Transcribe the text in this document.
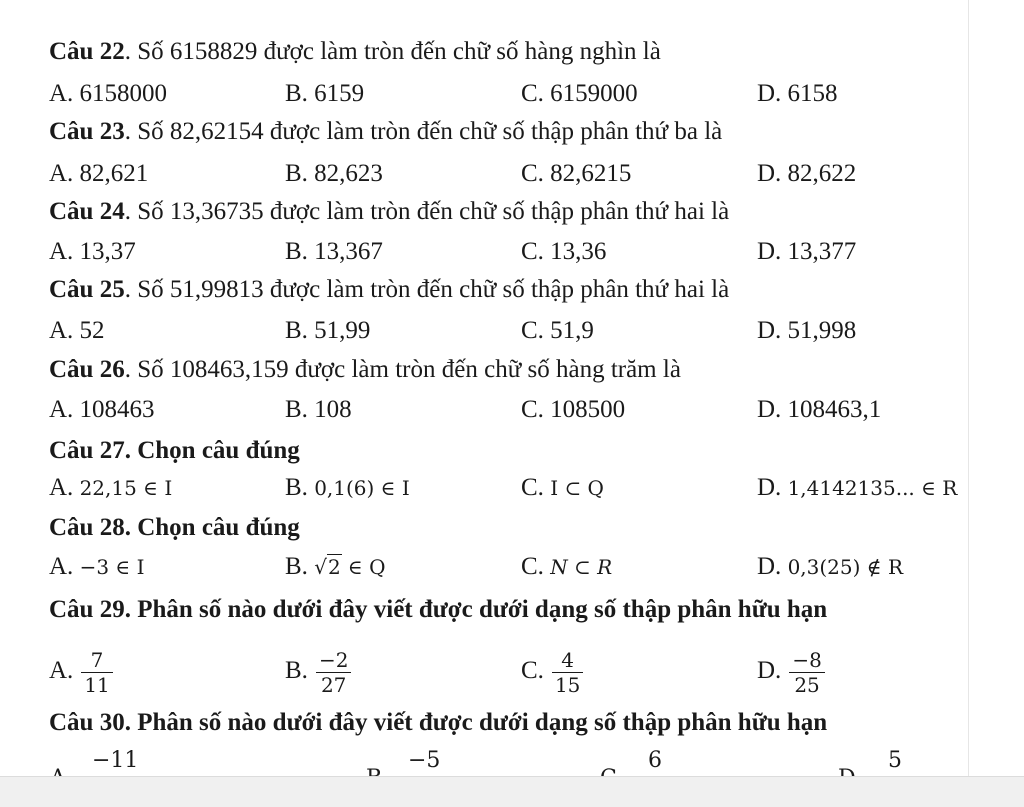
Câu 22. Số 6158829 được làm tròn đến chữ số hàng nghìn là
A. 6158000	B. 6159	C. 6159000	D. 6158
Câu 23. Số 82,62154 được làm tròn đến chữ số thập phân thứ ba là
A. 82,621	B. 82,623	C. 82,6215	D. 82,622
Câu 24. Số 13,36735 được làm tròn đến chữ số thập phân thứ hai là
A. 13,37	B. 13,367	C. 13,36	D. 13,377
Câu 25. Số 51,99813 được làm tròn đến chữ số thập phân thứ hai là
A. 52	B. 51,99	C. 51,9	D. 51,998
Câu 26. Số 108463,159 được làm tròn đến chữ số hàng trăm là
A. 108463	B. 108	C. 108500	D. 108463,1
Câu 27. Chọn câu đúng
A. 22,15 ∈ I	B. 0,1(6) ∈ I	C. I ⊂ Q	D. 1,4142135... ∈ R
Câu 28. Chọn câu đúng
A. −3 ∈ I	B. √2 ∈ Q	C. N ⊂ R	D. 0,3(25) ∉ R
Câu 29. Phân số nào dưới đây viết được dưới dạng số thập phân hữu hạn
A. $\frac{7}{11}$	B. $\frac{-2}{27}$	C. $\frac{4}{15}$	D. $\frac{-8}{25}$
Câu 30. Phân số nào dưới đây viết được dưới dạng số thập phân hữu hạn
−11	−5	6	5
